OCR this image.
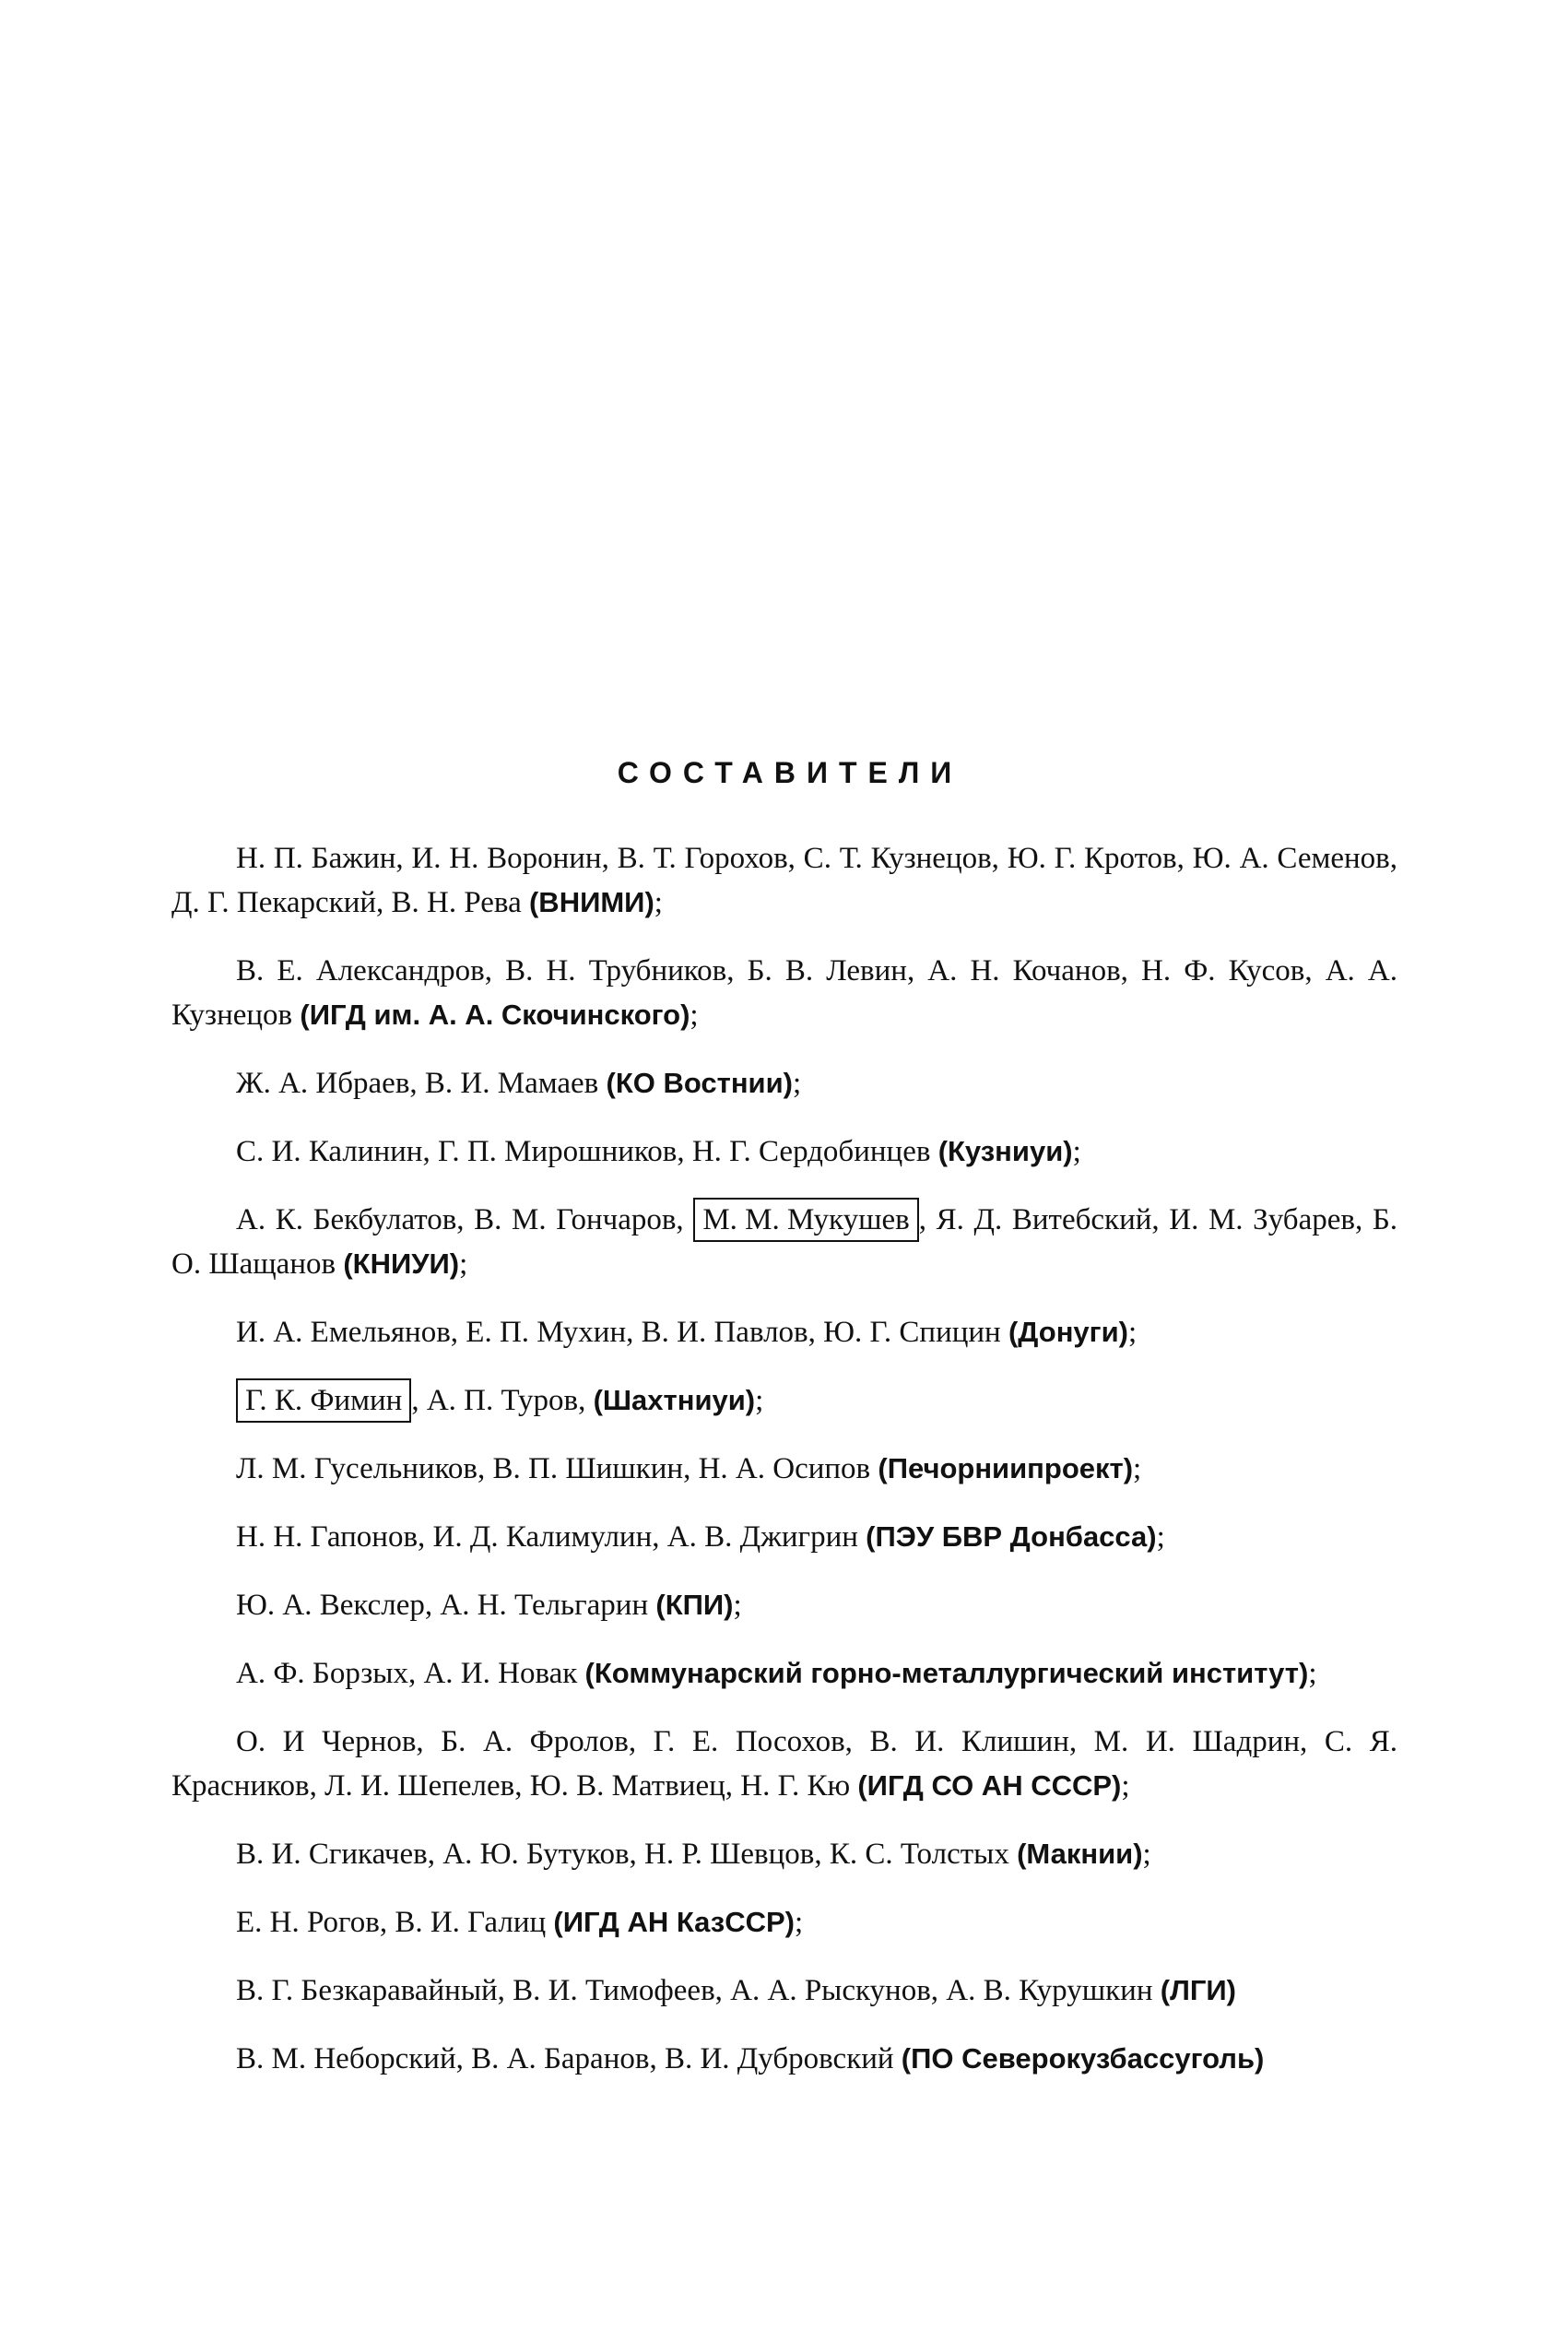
СОСТАВИТЕЛИ

Н. П. Бажин, И. Н. Воронин, В. Т. Горохов, С. Т. Кузнецов, Ю. Г. Кротов, Ю. А. Семенов, Д. Г. Пекарский, В. Н. Рева (ВНИМИ);

В. Е. Александров, В. Н. Трубников, Б. В. Левин, А. Н. Кочанов, Н. Ф. Кусов, А. А. Кузнецов (ИГД им. А. А. Скочинского);

Ж. А. Ибраев, В. И. Мамаев (КО Востнии);

С. И. Калинин, Г. П. Мирошников, Н. Г. Сердобинцев (Кузниуи);

А. К. Бекбулатов, В. М. Гончаров, М. М. Мукушев , Я. Д. Витебский, И. М. Зубарев, Б. О. Шащанов (КНИУИ);

И. А. Емельянов, Е. П. Мухин, В. И. Павлов, Ю. Г. Спицин (Донуги);

Г. К. Фимин , А. П. Туров, (Шахтниуи);

Л. М. Гусельников, В. П. Шишкин, Н. А. Осипов (Печорниипроект);

Н. Н. Гапонов, И. Д. Калимулин, А. В. Джигрин (ПЭУ БВР Донбасса);

Ю. А. Векслер, А. Н. Тельгарин (КПИ);

А. Ф. Борзых, А. И. Новак (Коммунарский горно-металлургический институт);

О. И Чернов, Б. А. Фролов, Г. Е. Посохов, В. И. Клишин, М. И. Шадрин, С. Я. Красников, Л. И. Шепелев, Ю. В. Матвиец, Н. Г. Кю (ИГД СО АН СССР);

В. И. Сгикачев, А. Ю. Бутуков, Н. Р. Шевцов, К. С. Толстых (Макнии);

Е. Н. Рогов, В. И. Галиц (ИГД АН КазССР);

В. Г. Безкаравайный, В. И. Тимофеев, А. А. Рыскунов, А. В. Курушкин (ЛГИ)

В. М. Неборский, В. А. Баранов, В. И. Дубровский (ПО Северокузбассуголь)
